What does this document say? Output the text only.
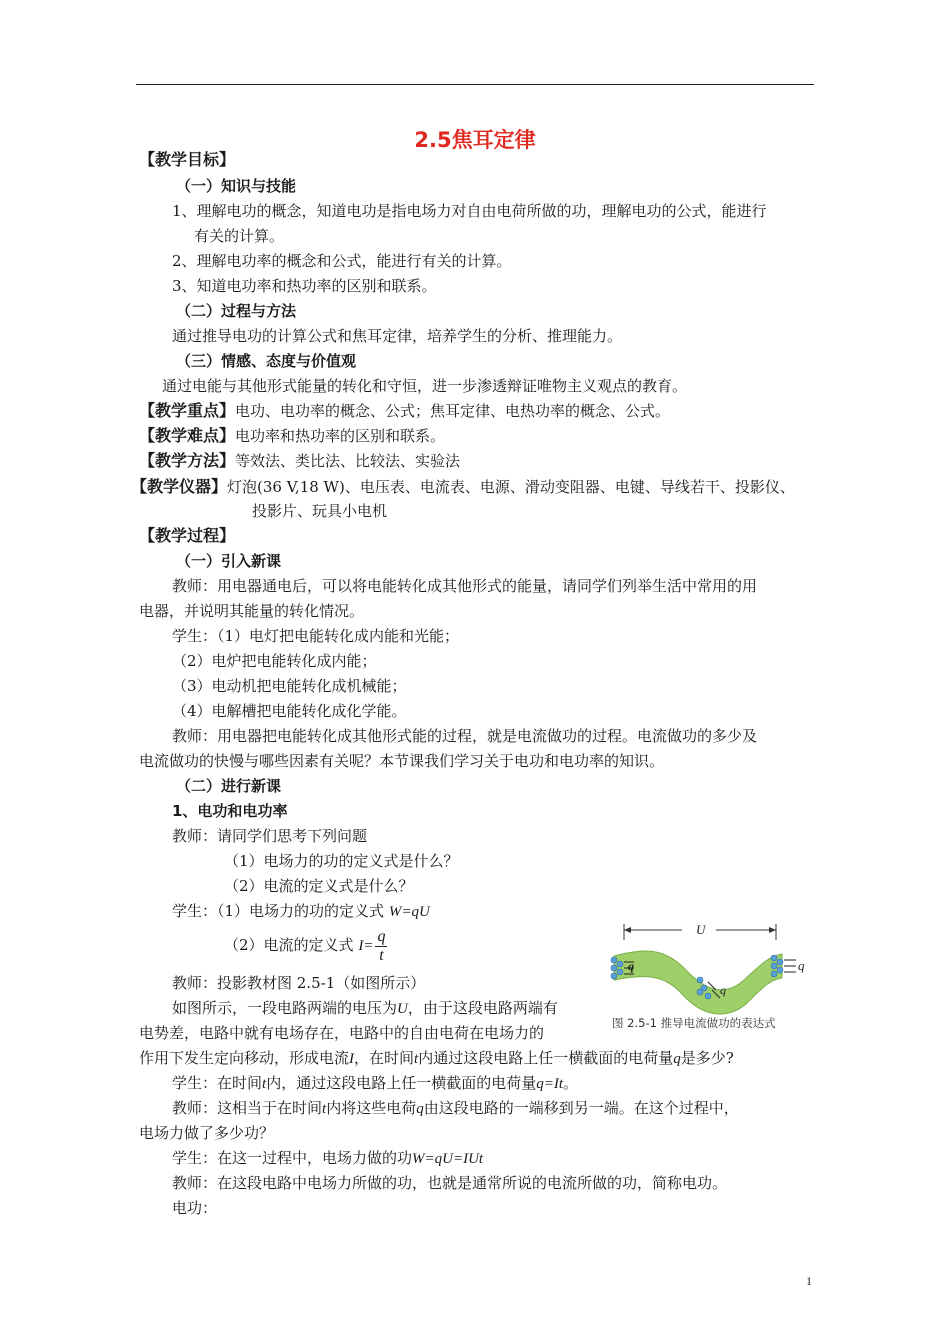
2.5焦耳定律
【教学目标】
（一）知识与技能
1、理解电功的概念，知道电功是指电场力对自由电荷所做的功，理解电功的公式，能进行
有关的计算。
2、理解电功率的概念和公式，能进行有关的计算。
3、知道电功率和热功率的区别和联系。
（二）过程与方法
通过推导电功的计算公式和焦耳定律，培养学生的分析、推理能力。
（三）情感、态度与价值观
通过电能与其他形式能量的转化和守恒，进一步渗透辩证唯物主义观点的教育。
【教学重点】电功、电功率的概念、公式；焦耳定律、电热功率的概念、公式。
【教学难点】电功率和热功率的区别和联系。
【教学方法】等效法、类比法、比较法、实验法
【教学仪器】灯泡(36 V,18 W)、电压表、电流表、电源、滑动变阻器、电键、导线若干、投影仪、
投影片、玩具小电机
【教学过程】
（一）引入新课
教师：用电器通电后，可以将电能转化成其他形式的能量，请同学们列举生活中常用的用
电器，并说明其能量的转化情况。
学生：（1）电灯把电能转化成内能和光能；
（2）电炉把电能转化成内能；
（3）电动机把电能转化成机械能；
（4）电解槽把电能转化成化学能。
教师：用电器把电能转化成其他形式能的过程，就是电流做功的过程。电流做功的多少及
电流做功的快慢与哪些因素有关呢？本节课我们学习关于电功和电功率的知识。
（二）进行新课
1、电功和电功率
教师：请同学们思考下列问题
（1）电场力的功的定义式是什么？
（2）电流的定义式是什么？
学生：（1）电场力的功的定义式 W=qU
（2）电流的定义式 $I= \frac{q}{t}$
教师：投影教材图 2.5-1（如图所示）
如图所示，一段电路两端的电压为U，由于这段电路两端有
电势差，电路中就有电场存在，电路中的自由电荷在电场力的
作用下发生定向移动，形成电流I，在时间t内通过这段电路上任一横截面的电荷量q是多少?
学生：在时间t内，通过这段电路上任一横截面的电荷量q=It。
教师：这相当于在时间t内将这些电荷q由这段电路的一端移到另一端。在这个过程中，
电场力做了多少功？
学生：在这一过程中，电场力做的功W=qU=IUt
教师：在这段电路中电场力所做的功，也就是通常所说的电流所做的功，简称电功。
电功：
U
q
q
q
图 2.5-1 推导电流做功的表达式
1
